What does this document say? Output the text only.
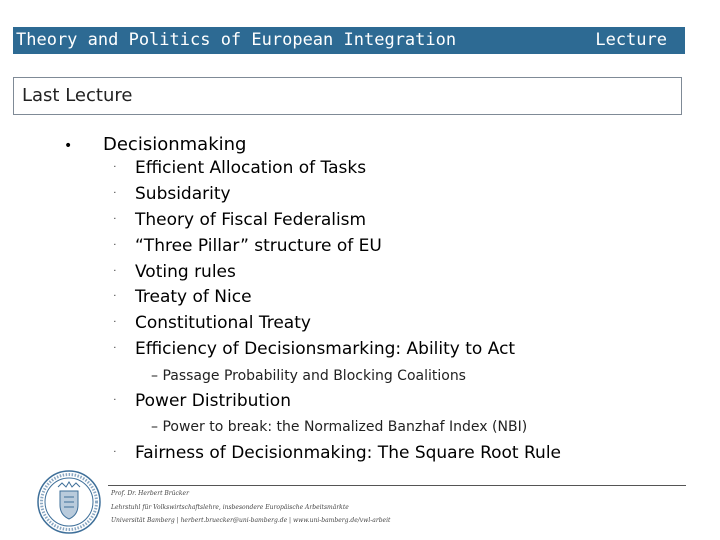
Theory and Politics of European Integration	Lecture
Last Lecture
• Decisionmaking
ᐧ Efficient Allocation of Tasks
ᐧ Subsidarity
ᐧ Theory of Fiscal Federalism
ᐧ “Three Pillar” structure of EU
ᐧ Voting rules
ᐧ Treaty of Nice
ᐧ Constitutional Treaty
ᐧ Efficiency of Decisionsmarking: Ability to Act
– Passage Probability and Blocking Coalitions
ᐧ Power Distribution
– Power to break: the Normalized Banzhaf Index (NBI)
ᐧ Fairness of Decisionmaking: The Square Root Rule
Prof. Dr. Herbert Brücker
Lehrstuhl für Volkswirtschaftslehre, insbesondere Europäische Arbeitsmärkte
Universität Bamberg | herbert.bruecker@uni-bamberg.de | www.uni-bamberg.de/vwl-arbeit
